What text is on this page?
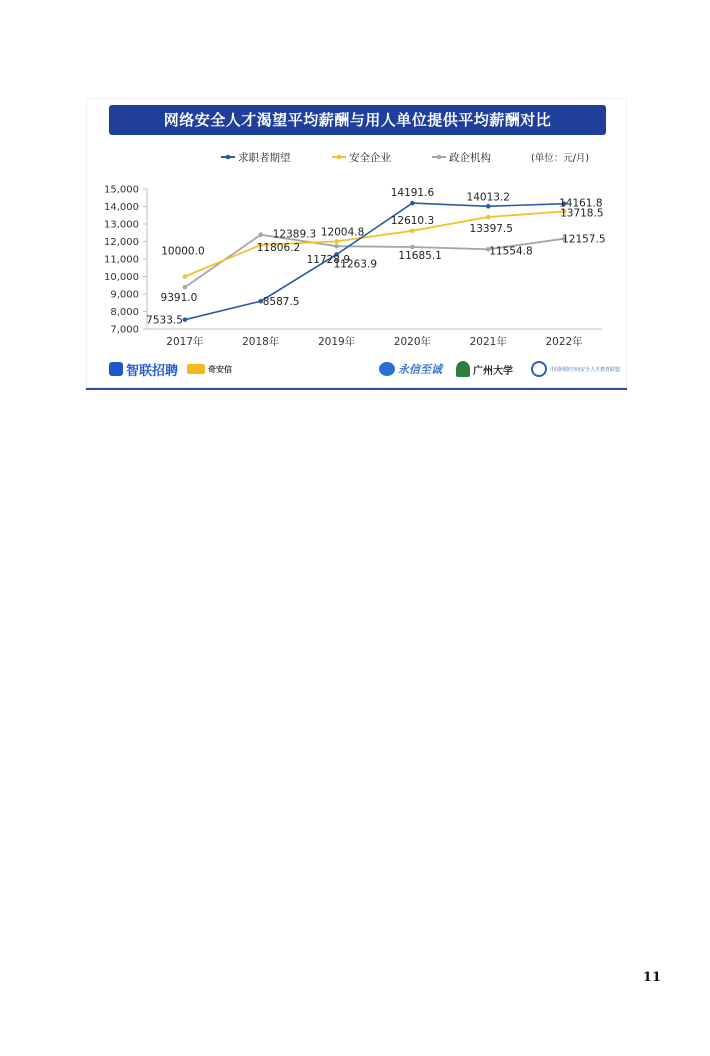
网络安全人才渴望平均薪酬与用人单位提供平均薪酬对比
7,000
8,000
9,000
10,000
11,000
12,000
13,000
14,000
15,000
2017年	2018年	2019年	2020年	2021年	2022年
求职者期望	安全企业	政企机构	(单位：元/月)
7533.5
8587.5
11263.9
14191.6	14013.2
14161.8
10000.0	11806.2
12004.8
12610.3
13397.5
13718.5
9391.0
12389.3
11728.9	11685.1	11554.8
12157.5
智联招聘	奇安信	永信至诚	广州大学	中国网络空间安全人才教育联盟
11
